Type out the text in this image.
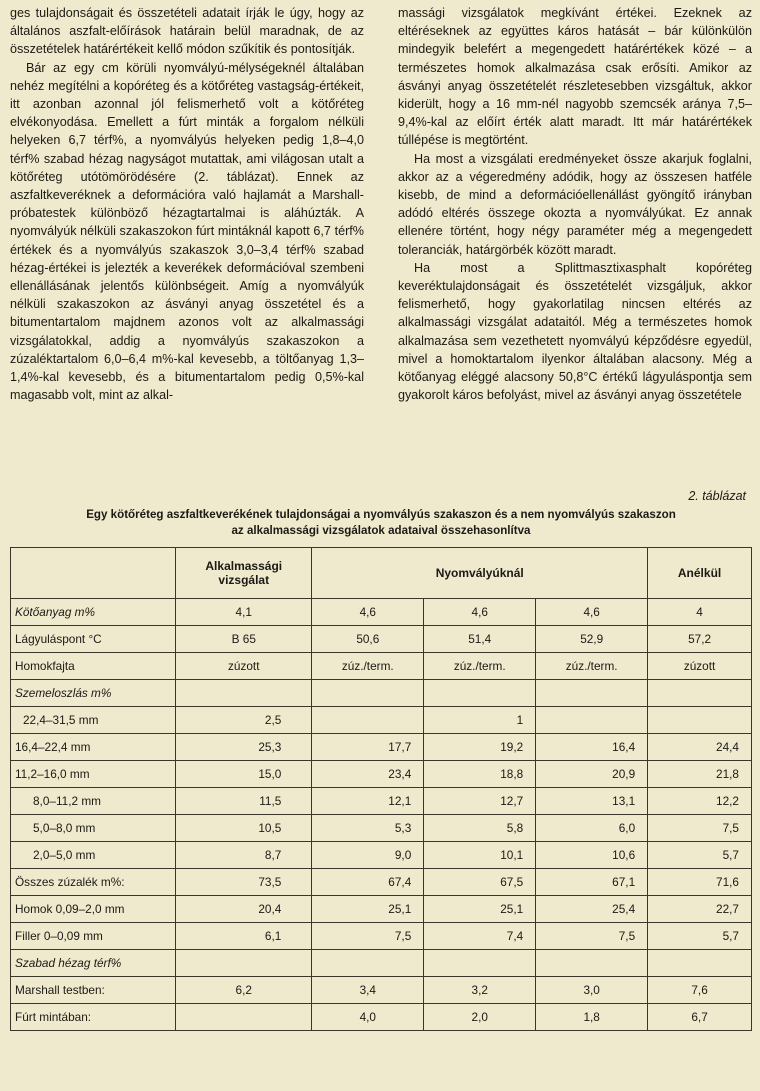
ges tulajdonságait és összetételi adatait írják le úgy, hogy az általános aszfalt-előírások határain belül maradnak, de az összetételek határértékeit kellő módon szűkítik és pontosítják.

Bár az egy cm körüli nyomvályú-mélységeknél általában nehéz megítélni a kopóréteg és a kötőréteg vastagság-értékeit, itt azonban azonnal jól felismerhető volt a kötőréteg elvékonyodása. Emellett a fúrt minták a forgalom nélküli helyeken 6,7 térf%, a nyomvályús helyeken pedig 1,8–4,0 térf% szabad hézag nagyságot mutattak, ami világosan utalt a kötőréteg utótömörödésére (2. táblázat). Ennek az aszfaltkeveréknek a deformációra való hajlamát a Marshall-próbatestek különböző hézagtartalmai is aláhúzták. A nyomvályúk nélküli szakaszokon fúrt mintáknál kapott 6,7 térf% értékek és a nyomvályús szakaszok 3,0–3,4 térf% szabad hézag-értékei is jelezték a keverékek deformációval szembeni ellenállásának jelentős különbségeit. Amíg a nyomvályúk nélküli szakaszokon az ásványi anyag összetétel és a bitumentartalom majdnem azonos volt az alkalmassági vizsgálatokkal, addig a nyomvályús szakaszokon a zúzaléktartalom 6,0–6,4 m%-kal kevesebb, a töltőanyag 1,3–1,4%-kal kevesebb, és a bitumentartalom pedig 0,5%-kal magasabb volt, mint az alkal-

massági vizsgálatok megkívánt értékei. Ezeknek az eltéréseknek az együttes káros hatását – bár különkülön mindegyik belefért a megengedett határértékek közé – a természetes homok alkalmazása csak erősíti. Amikor az ásványi anyag összetételét részletesebben vizsgáltuk, akkor kiderült, hogy a 16 mm-nél nagyobb szemcsék aránya 7,5–9,4%-kal az előírt érték alatt maradt. Itt már határértékek túllépése is megtörtént.

Ha most a vizsgálati eredményeket össze akarjuk foglalni, akkor az a végeredmény adódik, hogy az összesen hatféle kisebb, de mind a deformációellenállást gyöngítő irányban adódó eltérés összege okozta a nyomvályúkat. Ez annak ellenére történt, hogy négy paraméter még a megengedett toleranciák, határgörbék között maradt.

Ha most a Splittmasztixasphalt kopóréteg keveréktulajdonságait és összetételét vizsgáljuk, akkor felismerhető, hogy gyakorlatilag nincsen eltérés az alkalmassági vizsgálat adataitól. Még a természetes homok alkalmazása sem vezethetett nyomvályú képződésre egyedül, mivel a homoktartalom ilyenkor általában alacsony. Még a kötőanyag eléggé alacsony 50,8°C értékű lágyuláspontja sem gyakorolt káros befolyást, mivel az ásványi anyag összetétele

2. táblázat
Egy kötőréteg aszfaltkeverékének tulajdonságai a nyomvályús szakaszon és a nem nyomvályús szakaszon
az alkalmassági vizsgálatok adataival összehasonlítva
	Alkalmassági vizsgálat	Nyomvályúknál			Anélkül
Kötőanyag m%	4,1	4,6	4,6	4,6	4
Lágyuláspont °C	B 65	50,6	51,4	52,9	57,2
Homokfajta	zúzott	zúz./term.	zúz./term.	zúz./term.	zúzott
Szemeloszlás m%					
22,4–31,5 mm	2,5		1		
16,4–22,4 mm	25,3	17,7	19,2	16,4	24,4
11,2–16,0 mm	15,0	23,4	18,8	20,9	21,8
8,0–11,2 mm	11,5	12,1	12,7	13,1	12,2
5,0–8,0 mm	10,5	5,3	5,8	6,0	7,5
2,0–5,0 mm	8,7	9,0	10,1	10,6	5,7
Összes zúzalék m%:	73,5	67,4	67,5	67,1	71,6
Homok 0,09–2,0 mm	20,4	25,1	25,1	25,4	22,7
Filler 0–0,09 mm	6,1	7,5	7,4	7,5	5,7
Szabad hézag térf%					
Marshall testben:	6,2	3,4	3,2	3,0	7,6
Fúrt mintában:		4,0	2,0	1,8	6,7
